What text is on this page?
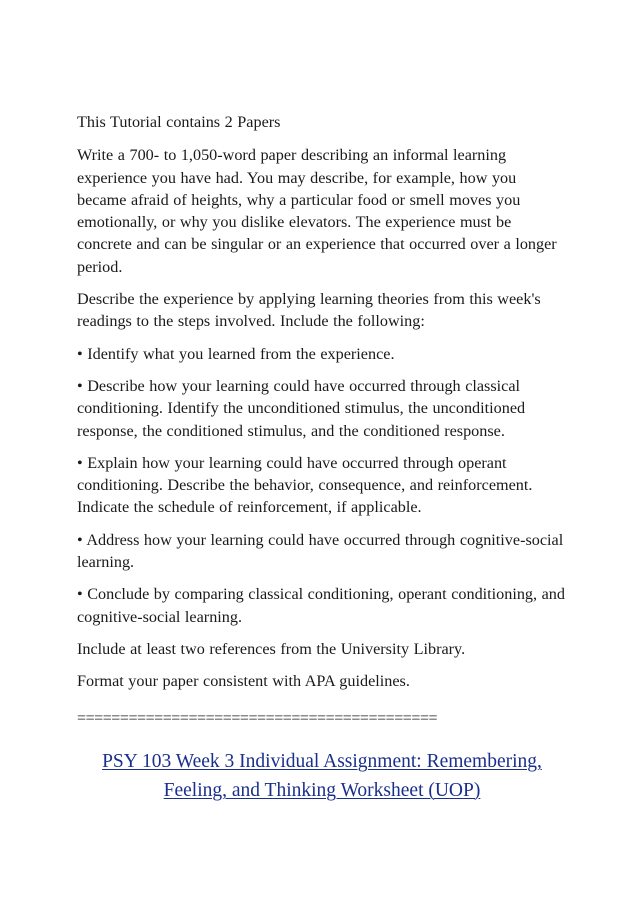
This Tutorial contains 2 Papers

Write a 700- to 1,050-word paper describing an informal learning experience you have had. You may describe, for example, how you became afraid of heights, why a particular food or smell moves you emotionally, or why you dislike elevators. The experience must be concrete and can be singular or an experience that occurred over a longer period.

Describe the experience by applying learning theories from this week's readings to the steps involved. Include the following:

• Identify what you learned from the experience.

• Describe how your learning could have occurred through classical conditioning. Identify the unconditioned stimulus, the unconditioned response, the conditioned stimulus, and the conditioned response.

• Explain how your learning could have occurred through operant conditioning. Describe the behavior, consequence, and reinforcement. Indicate the schedule of reinforcement, if applicable.

• Address how your learning could have occurred through cognitive-social learning.

• Conclude by comparing classical conditioning, operant conditioning, and cognitive-social learning.

Include at least two references from the University Library.

Format your paper consistent with APA guidelines.

==========================================
PSY 103 Week 3 Individual Assignment: Remembering, Feeling, and Thinking Worksheet (UOP)
